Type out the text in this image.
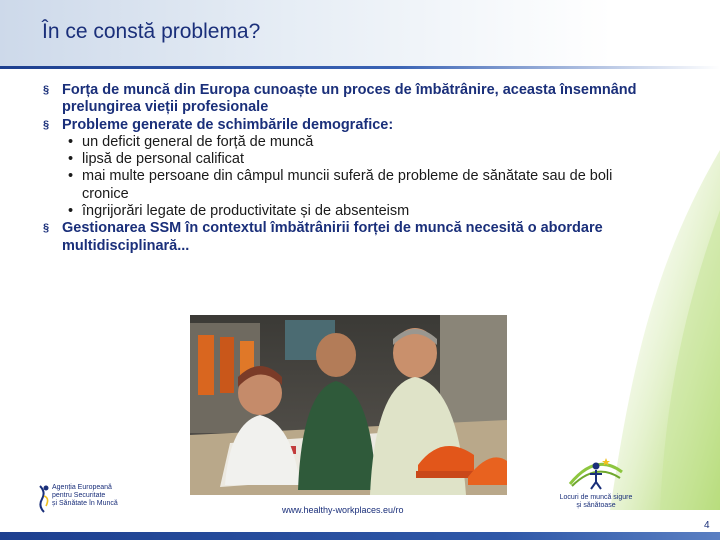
În ce constă problema?
§ Forța de muncă din Europa cunoaște un proces de îmbătrânire, aceasta însemnând prelungirea vieții profesionale
§ Probleme generate de schimbările demografice:
• un deficit general de forță de muncă
• lipsă de personal calificat
• mai multe persoane din câmpul muncii suferă de probleme de sănătate sau de boli cronice
• îngrijorări legate de productivitate și de absenteism
§ Gestionarea SSM în contextul îmbătrânirii forței de muncă necesită o abordare multidisciplinară...
Agenția Europeană
pentru Securitate
și Sănătate în Muncă
www.healthy-workplaces.eu/ro
Locuri de muncă sigure
și sănătoase
4
